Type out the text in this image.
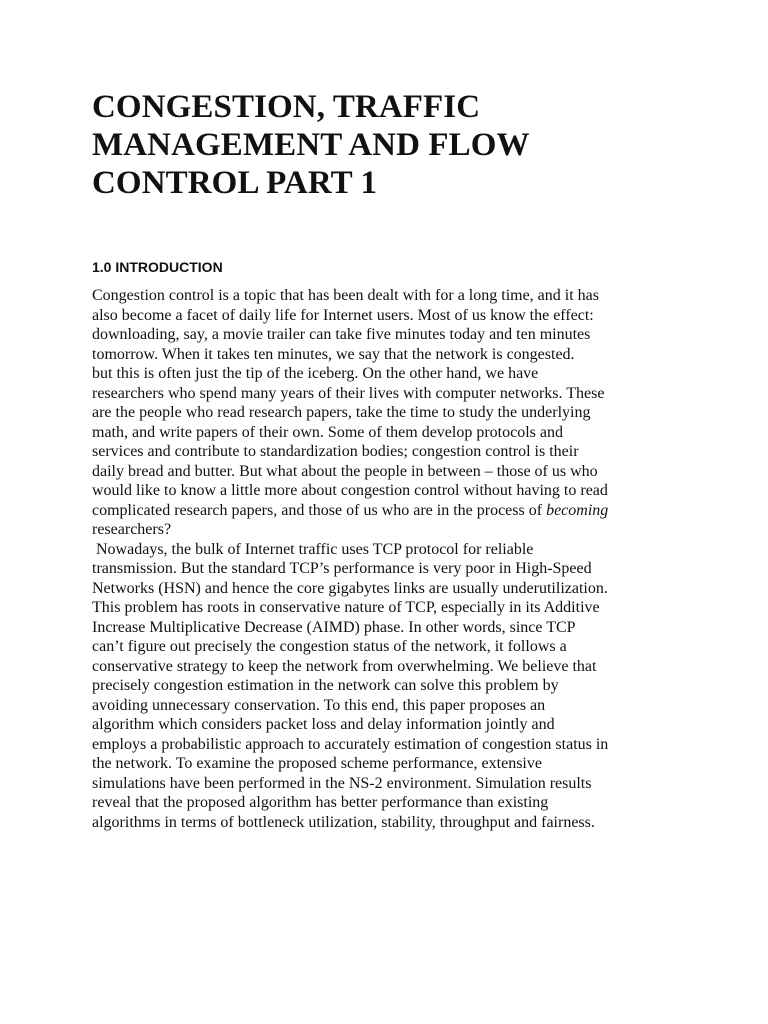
CONGESTION, TRAFFIC
MANAGEMENT AND FLOW
CONTROL PART 1
1.0 INTRODUCTION
Congestion control is a topic that has been dealt with for a long time, and it has
also become a facet of daily life for Internet users. Most of us know the effect:
downloading, say, a movie trailer can take five minutes today and ten minutes
tomorrow. When it takes ten minutes, we say that the network is congested.
but this is often just the tip of the iceberg. On the other hand, we have
researchers who spend many years of their lives with computer networks. These
are the people who read research papers, take the time to study the underlying
math, and write papers of their own. Some of them develop protocols and
services and contribute to standardization bodies; congestion control is their
daily bread and butter. But what about the people in between – those of us who
would like to know a little more about congestion control without having to read
complicated research papers, and those of us who are in the process of becoming
researchers?
Nowadays, the bulk of Internet traffic uses TCP protocol for reliable
transmission. But the standard TCP’s performance is very poor in High-Speed
Networks (HSN) and hence the core gigabytes links are usually underutilization.
This problem has roots in conservative nature of TCP, especially in its Additive
Increase Multiplicative Decrease (AIMD) phase. In other words, since TCP
can’t figure out precisely the congestion status of the network, it follows a
conservative strategy to keep the network from overwhelming. We believe that
precisely congestion estimation in the network can solve this problem by
avoiding unnecessary conservation. To this end, this paper proposes an
algorithm which considers packet loss and delay information jointly and
employs a probabilistic approach to accurately estimation of congestion status in
the network. To examine the proposed scheme performance, extensive
simulations have been performed in the NS-2 environment. Simulation results
reveal that the proposed algorithm has better performance than existing
algorithms in terms of bottleneck utilization, stability, throughput and fairness.
